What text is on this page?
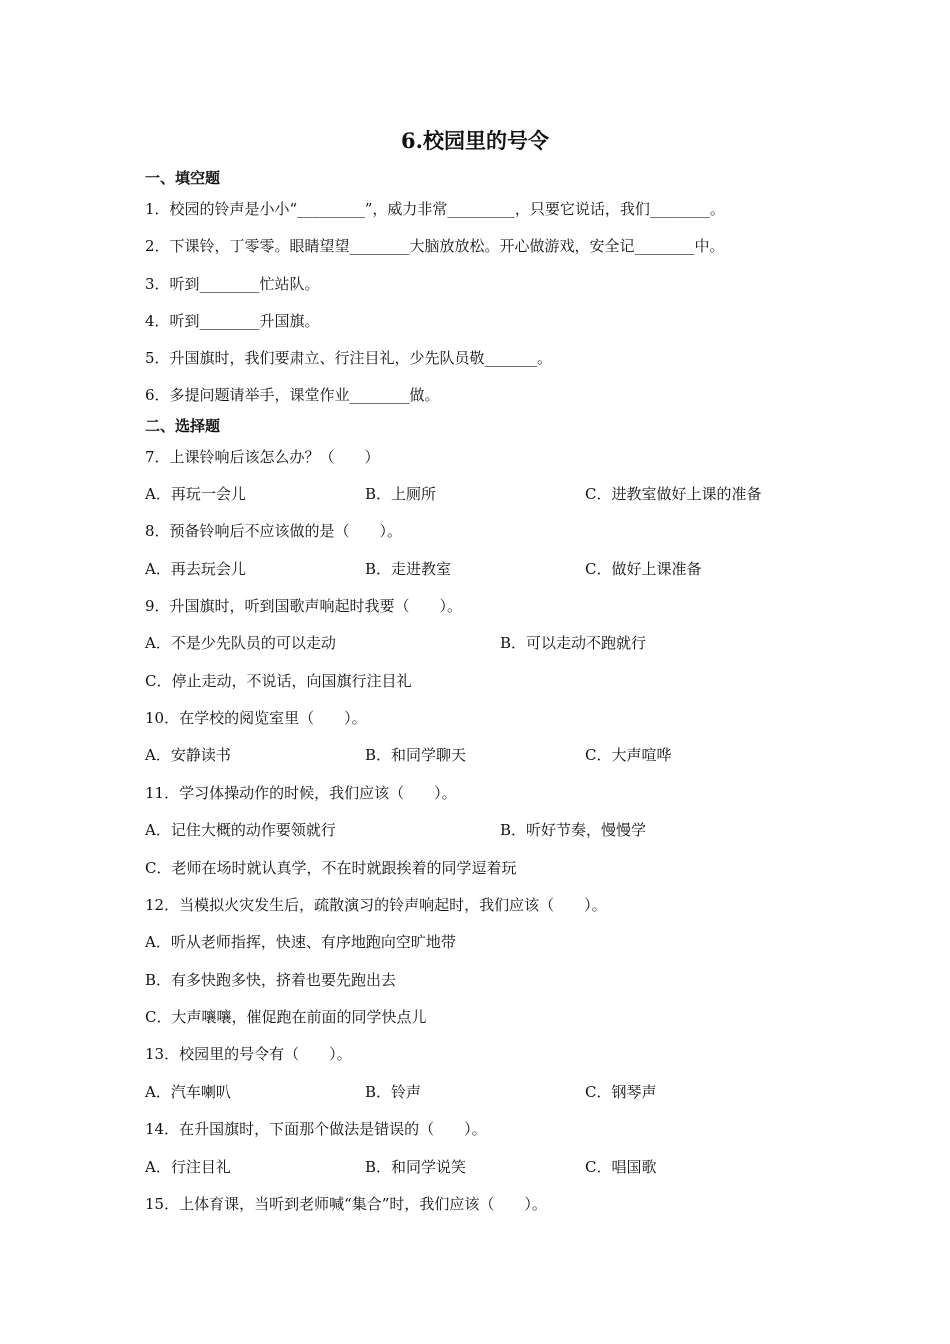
6.校园里的号令
一、填空题
1．校园的铃声是小小“_________”，威力非常_________，只要它说话，我们________。
2．下课铃，丁零零。眼睛望望________大脑放放松。开心做游戏，安全记________中。
3．听到________忙站队。
4．听到________升国旗。
5．升国旗时，我们要肃立、行注目礼，少先队员敬_______。
6．多提问题请举手，课堂作业________做。
二、选择题
7．上课铃响后该怎么办？（　　）
A．再玩一会儿	B．上厕所	C．进教室做好上课的准备
8．预备铃响后不应该做的是（　　）。
A．再去玩会儿	B．走进教室	C．做好上课准备
9．升国旗时，听到国歌声响起时我要（　　）。
A．不是少先队员的可以走动	B．可以走动不跑就行
C．停止走动，不说话，向国旗行注目礼
10．在学校的阅览室里（　　）。
A．安静读书	B．和同学聊天	C．大声喧哗
11．学习体操动作的时候，我们应该（　　）。
A．记住大概的动作要领就行	B．听好节奏，慢慢学
C．老师在场时就认真学，不在时就跟挨着的同学逗着玩
12．当模拟火灾发生后，疏散演习的铃声响起时，我们应该（　　）。
A．听从老师指挥，快速、有序地跑向空旷地带
B．有多快跑多快，挤着也要先跑出去
C．大声嚷嚷，催促跑在前面的同学快点儿
13．校园里的号令有（　　）。
A．汽车喇叭	B．铃声	C．钢琴声
14．在升国旗时，下面那个做法是错误的（　　）。
A．行注目礼	B．和同学说笑	C．唱国歌
15．上体育课，当听到老师喊“集合”时，我们应该（　　）。
